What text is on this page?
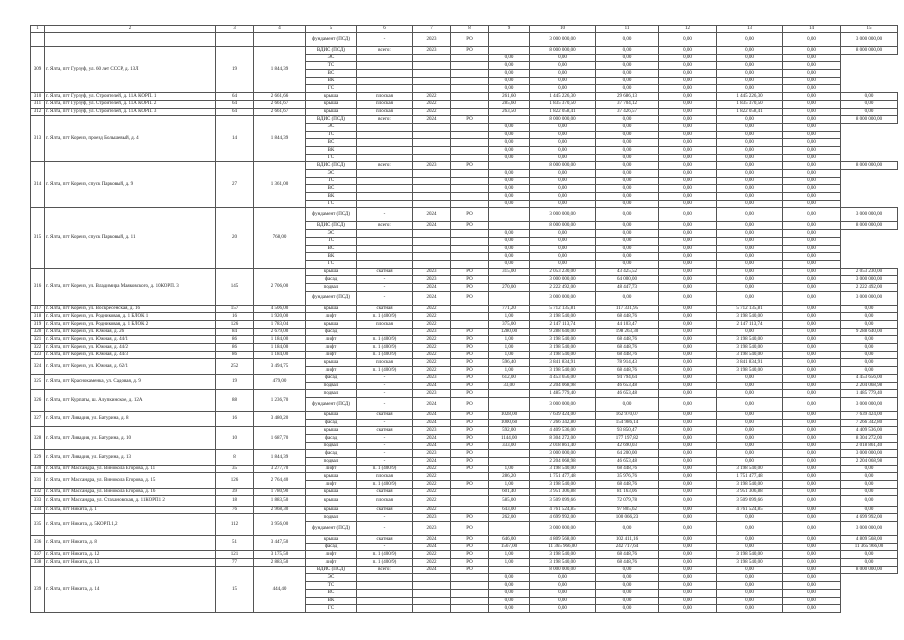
1	2	3	4	5	6	7	8	9	10	11	12	13	14	15
				фундамент (ПСД)	-	2023	РО		3 000 000,00	0,00	0,00	0,00	0,00	3 000 000,00
309	г. Ялта, пгт Гурзуф, ул. 60 лет СССР, д. 13Л	19	1 844,39	ВДИС (ПСД)	всего:	2023	РО		8 000 000,00	0,00	0,00	0,00	0,00	8 000 000,00
				ЭС				0,00	0,00	0,00	0,00	0,00	0,00	
				ТС				0,00	0,00	0,00	0,00	0,00	0,00	
				ВС				0,00	0,00	0,00	0,00	0,00	0,00	
				ВК				0,00	0,00	0,00	0,00	0,00	0,00	
				ГС				0,00	0,00	0,00	0,00	0,00	0,00	
310	г. Ялта, пгт Гурзуф, ул. Строителей, д. 11А КОРП. 1	64	2 661,66	крыша	плоская	2022		261,60	1 445 226,30	29 686,13	0,00	1 445 226,30	0,00	0,00
311	г. Ялта, пгт Гурзуф, ул. Строителей, д. 11А КОРП. 2	64	2 661,67	крыша	плоская	2022		285,60	1 835 370,50	37 704,12	0,00	1 835 370,50	0,00	0,00
312	г. Ялта, пгт Гурзуф, ул. Строителей, д. 11А КОРП. 3	64	2 661,67	крыша	плоская	2022		263,50	1 822 058,41	37 426,57	0,00	1 822 058,41	0,00	0,00
313	г. Ялта, пгт Кореиз, проезд Большевый, д. 4	14	1 844,39	ВДИС (ПСД)	всего:	2024	РО		8 000 000,00	0,00	0,00	0,00	0,00	8 000 000,00
				ЭС				0,00	0,00	0,00	0,00	0,00	0,00	
				ТС				0,00	0,00	0,00	0,00	0,00	0,00	
				ВС				0,00	0,00	0,00	0,00	0,00	0,00	
				ВК				0,00	0,00	0,00	0,00	0,00	0,00	
				ГС				0,00	0,00	0,00	0,00	0,00	0,00	
314	г. Ялта, пгт Кореиз, спуск Парковый, д. 9	27	1 361,00	ВДИС (ПСД)	всего:	2023	РО		8 000 000,00	0,00	0,00	0,00	0,00	8 000 000,00
				ЭС				0,00	0,00	0,00	0,00	0,00	0,00	
				ТС				0,00	0,00	0,00	0,00	0,00	0,00	
				ВС				0,00	0,00	0,00	0,00	0,00	0,00	
				ВК				0,00	0,00	0,00	0,00	0,00	0,00	
				ГС				0,00	0,00	0,00	0,00	0,00	0,00	
315	г. Ялта, пгт Кореиз, спуск Парковый, д. 11	20	768,00	фундамент (ПСД)	-	2024	РО		3 000 000,00	0,00	0,00	0,00	0,00	3 000 000,00
				ВДИС (ПСД)	всего:	2024	РО		8 000 000,00	0,00	0,00	0,00	0,00	8 000 000,00
				ЭС				0,00	0,00	0,00	0,00	0,00	0,00	
				ТС				0,00	0,00	0,00	0,00	0,00	0,00	
				ВС				0,00	0,00	0,00	0,00	0,00	0,00	
				ВК				0,00	0,00	0,00	0,00	0,00	0,00	
				ГС				0,00	0,00	0,00	0,00	0,00	0,00	
316	г. Ялта, пгт Кореиз, ул. Владимира Маяковского, д. 10КОРП. 3	145	2 706,00	крыша	скатная	2023	РО	315,00	2 053 230,00	43 425,52	0,00	0,00	0,00	2 053 230,00
				фасад	-	2023	РО		3 000 000,00	64 000,00	0,00	0,00	0,00	3 000 000,00
				подвал	-	2024	РО	270,00	2 222 492,00	48 447,73	0,00	0,00	0,00	2 222 492,00
				фундамент (ПСД)	-	2024	РО		3 000 000,00	0,00	0,00	0,00	0,00	3 000 000,00
317	г. Ялта, пгт Кореиз, ул. Воскресенская, д. 16	157	4 506,00	крыша	скатная	2022		771,20	5 712 135,81	117 331,95	0,00	5 712 135,81	0,00	0,00
318	г. Ялта, пгт Кореиз, ул. Родниковая, д. 1 БЛОК 1	16	1 920,00	лифт	п. 1 (400/9)	2022		1,00	3 198 540,00	68 448,76	0,00	3 198 540,00	0,00	0,00
319	г. Ялта, пгт Кореиз, ул. Родниковая, д. 1 БЛОК 2	126	1 783,04	крыша	плоская	2022		375,00	2 147 113,74	44 103,47	0,00	2 147 113,74	0,00	0,00
320	г. Ялта, пгт Кореиз, ул. Южная, д. 26	84	2 679,00	фасад		2023	РО	1280,00	9 288 640,00	198 263,30	0,00	0,00	0,00	9 288 640,00
321	г. Ялта, пгт Кореиз, ул. Южная, д. 44/1	86	1 184,00	лифт	п. 1 (400/9)	2022	РО	1,00	3 198 540,00	68 448,76	0,00	3 198 540,00	0,00	0,00
322	г. Ялта, пгт Кореиз, ул. Южная, д. 44/2	86	1 184,00	лифт	п. 1 (400/9)	2022	РО	1,00	3 198 540,00	68 448,76	0,00	3 198 540,00	0,00	0,00
323	г. Ялта, пгт Кореиз, ул. Южная, д. 44/3	86	1 184,00	лифт	п. 1 (400/9)	2022	РО	1,00	3 198 540,00	68 448,76	0,00	3 198 540,00	0,00	0,00
324	г. Ялта, пгт Кореиз, ул. Южная, д. 62/1	252	3 494,75	крыша	плоская	2022	РО	596,40	3 841 834,91	78 914,43	0,00	3 841 834,91	0,00	0,00
				лифт	п. 1 (400/9)	2022	РО	1,00	3 198 540,00	68 448,76	0,00	3 198 540,00	0,00	0,00
325	г. Ялта, пгт Краснокаменка, ул. Садовая, д. 9	19	479,00	фасад	-	2023	РО	612,00	4 453 656,00	94 794,64	0,00	0,00	0,00	4 453 656,00
				подвал	-	2024	РО	33,00	2 204 068,98	46 653,48	0,00	0,00	0,00	2 204 068,98
326	г. Ялта, пгт Курпаты, ш. Алупкинское, д. 12А	88	1 236,70	подвал	-	2023	РО		1 485 779,40	46 653,48	0,00	0,00	0,00	1 485 779,40
				фундамент (ПСД)	-	2024	РО		3 000 000,00	0,00	0,00	0,00	0,00	3 000 000,00
327	г. Ялта, пгт Ливадия, ул. Батурина, д. 8	16	3 480,20	крыша	скатная	2024	РО	1028,00	7 639 424,00	162 970,07	0,00	0,00	0,00	7 639 424,00
				фасад	-	2024	РО	1000,60	7 266 342,80	154 986,14	0,00	0,00	0,00	7 266 342,80
328	г. Ялта, пгт Ливадия, ул. Батурина, д. 10	10	1 687,70	крыша	скатная	2023	РО	592,00	4 409 536,00	93 850,47	0,00	0,00	0,00	4 409 536,00
				фасад	-	2024	РО	1144,00	8 304 272,00	177 197,82	0,00	0,00	0,00	8 304 272,00
				подвал	-	2024	РО	333,00	2 018 861,40	42 690,03	0,00	0,00	0,00	2 018 861,40
329	г. Ялта, пгт Ливадия, ул. Батурина, д. 13	8	1 844,39	фасад	-	2023	РО		3 000 000,00	64 200,00	0,00	0,00	0,00	3 000 000,00
				подвал	-	2024	РО		2 204 068,98	46 653,48	0,00	0,00	0,00	2 204 068,98
330	г. Ялта, пгт Массандра, ул. Винокола Егорова, д. 11	35	3 277,70	лифт	п. 1 (400/9)	2022	РО	1,00	3 198 540,00	68 448,76	0,00	3 198 540,00	0,00	0,00
331	г. Ялта, пгт Массандра, ул. Винокола Егорова, д. 15	126	2 764,40	крыша	плоская	2022		286,20	1 751 477,48	35 976,76	0,00	1 751 477,48	0,00	0,00
				лифт	п. 1 (400/9)	2022	РО	1,00	3 198 540,00	68 448,76	0,00	3 198 540,00	0,00	0,00
332	г. Ялта, пгт Массандра, ул. Винокола Егорова, д. 16	39	1 780,90	крыша	скатная	2022		601,40	3 951 306,88	81 163,06	0,00	3 951 306,88	0,00	0,00
333	г. Ялта, пгт Массандра, ул. Стахановская, д. 11КОРП1 2	18	1 883,50	крыша	плоская	2022		585,00	3 509 099,66	72 079,78	0,00	3 509 099,66	0,00	0,00
334	г. Ялта, пгт Никита, д. 1	76	2 968,30	крыша	скатная	2022		643,00	4 761 524,85	97 805,62	0,00	4 761 524,85	0,00	0,00
335	г. Ялта, пгт Никита, д. 5КОРП.1,2	112	3 956,00	подвал	-	2023	РО	262,00	4 699 992,00	100 066,23	0,00	0,00	0,00	4 699 992,00
				фундамент (ПСД)	-	2023	РО		3 000 000,00	0,00	0,00	0,00	0,00	3 000 000,00
336	г. Ялта, пгт Никита, д. 8	51	3 447,50	крыша	скатная	2024	РО	646,00	4 809 568,00	102 411,16	0,00	0,00	0,00	4 809 568,00
				фасад	-	2024	РО	1567,00	11 365 966,00	242 717,64	0,00	0,00	0,00	11 365 966,00
337	г. Ялта, пгт Никита, д. 12	121	3 175,50	лифт	п. 1 (400/9)	2022	РО	1,00	3 198 540,00	68 448,76	0,00	3 198 540,00	0,00	0,00
338	г. Ялта, пгт Никита, д. 13	77	2 883,50	лифт	п. 1 (400/9)	2022	РО	1,00	3 198 540,00	68 448,76	0,00	3 198 540,00	0,00	0,00
339	г. Ялта, пгт Никита, д. 14	15	444,40	ВДИС (ПСД)	всего:	2024	РО		8 000 000,00	0,00	0,00	0,00	0,00	8 000 000,00
				ЭС				0,00	0,00	0,00	0,00	0,00	0,00	
				ТС				0,00	0,00	0,00	0,00	0,00	0,00	
				ВС				0,00	0,00	0,00	0,00	0,00	0,00	
				ВК				0,00	0,00	0,00	0,00	0,00	0,00	
				ГС				0,00	0,00	0,00	0,00	0,00	0,00	
